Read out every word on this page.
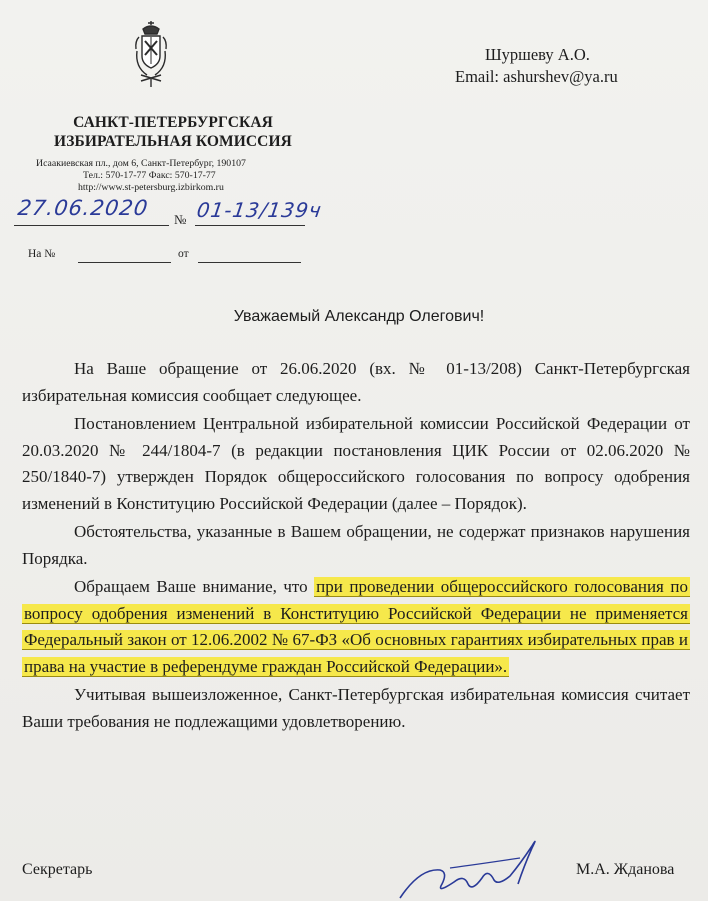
Шуршеву А.О.
Email: ashurshev@ya.ru
САНКТ-ПЕТЕРБУРГСКАЯ
ИЗБИРАТЕЛЬНАЯ КОМИССИЯ
Исаакиевская пл., дом 6, Санкт-Петербург, 190107
Тел.: 570-17-77 Факс: 570-17-77
http://www.st-petersburg.izbirkom.ru
27.06.2020 № 01-13/139ч
На №	от
Уважаемый Александр Олегович!

На Ваше обращение от 26.06.2020 (вх. № 01-13/208) Санкт-Петербургская избирательная комиссия сообщает следующее.

Постановлением Центральной избирательной комиссии Российской Федерации от 20.03.2020 № 244/1804-7 (в редакции постановления ЦИК России от 02.06.2020 № 250/1840-7) утвержден Порядок общероссийского голосования по вопросу одобрения изменений в Конституцию Российской Федерации (далее – Порядок).

Обстоятельства, указанные в Вашем обращении, не содержат признаков нарушения Порядка.

Обращаем Ваше внимание, что при проведении общероссийского голосования по вопросу одобрения изменений в Конституцию Российской Федерации не применяется Федеральный закон от 12.06.2002 № 67-ФЗ «Об основных гарантиях избирательных прав и права на участие в референдуме граждан Российской Федерации».

Учитывая вышеизложенное, Санкт-Петербургская избирательная комиссия считает Ваши требования не подлежащими удовлетворению.

Секретарь	М.А. Жданова
